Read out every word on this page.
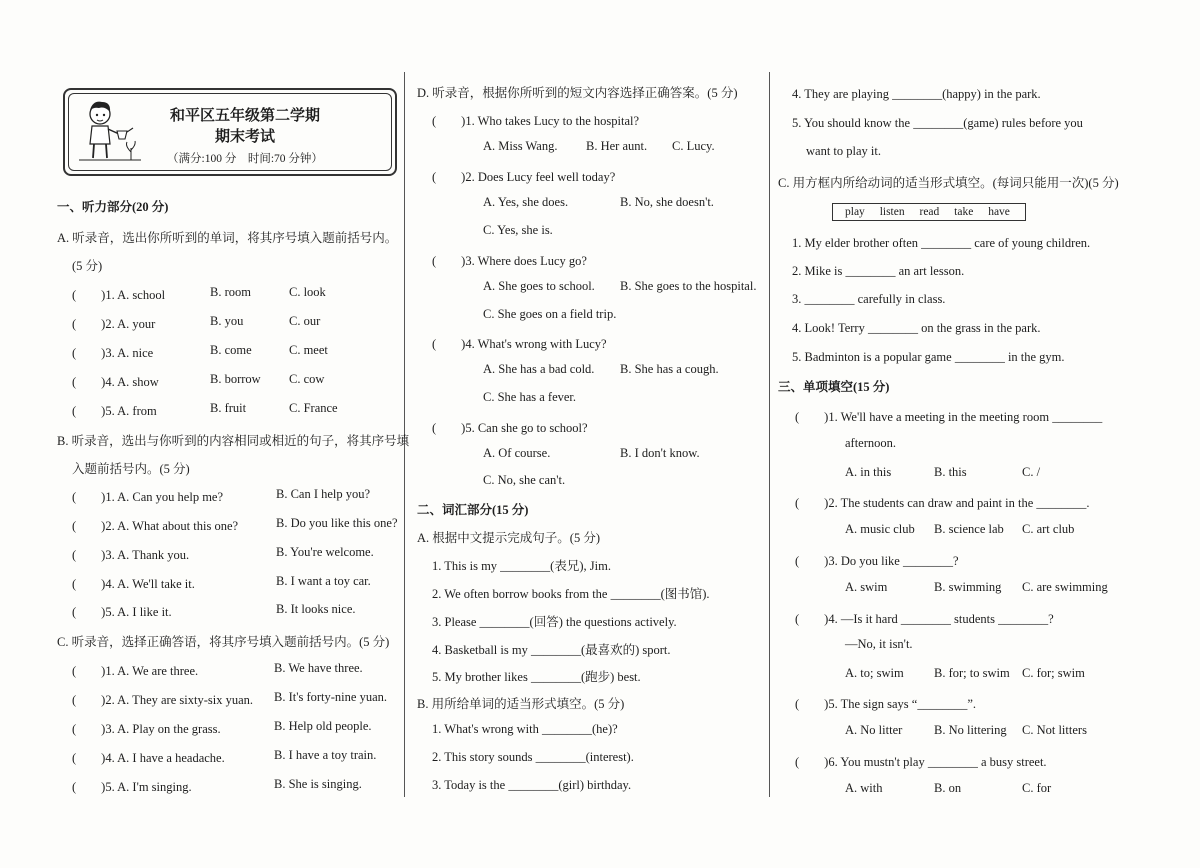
和平区五年级第二学期
期末考试
（满分:100 分　时间:70 分钟）
一、听力部分(20 分)
A. 听录音，选出你所听到的单词，将其序号填入题前括号内。
(5 分)
(　　)1. A. school	B. room	C. look
(　　)2. A. your	B. you	C. our
(　　)3. A. nice	B. come	C. meet
(　　)4. A. show	B. borrow C. cow
(　　)5. A. from	B. fruit	C. France
B. 听录音，选出与你听到的内容相同或相近的句子，将其序号填
入题前括号内。(5 分)
(　　)1. A. Can you help me?	B. Can I help you?
(　　)2. A. What about this one?	B. Do you like this one?
(　　)3. A. Thank you.	B. You're welcome.
(　　)4. A. We'll take it.	B. I want a toy car.
(　　)5. A. I like it.	B. It looks nice.
C. 听录音，选择正确答语，将其序号填入题前括号内。(5 分)
(　　)1. A. We are three.	B. We have three.
(　　)2. A. They are sixty-six yuan. B. It's forty-nine yuan.
(　　)3. A. Play on the grass.	B. Help old people.
(　　)4. A. I have a headache.	B. I have a toy train.
(　　)5. A. I'm singing.	B. She is singing.
D. 听录音，根据你所听到的短文内容选择正确答案。(5 分)
(　　)1. Who takes Lucy to the hospital?
A. Miss Wang. B. Her aunt. C. Lucy.
(　　)2. Does Lucy feel well today?
A. Yes, she does.	B. No, she doesn't.
C. Yes, she is.
(　　)3. Where does Lucy go?
A. She goes to school. B. She goes to the hospital.
C. She goes on a field trip.
(　　)4. What's wrong with Lucy?
A. She has a bad cold. B. She has a cough.
C. She has a fever.
(　　)5. Can she go to school?
A. Of course.	B. I don't know.
C. No, she can't.
二、词汇部分(15 分)
A. 根据中文提示完成句子。(5 分)
1. This is my ________(表兄), Jim.
2. We often borrow books from the ________(图书馆).
3. Please ________(回答) the questions actively.
4. Basketball is my ________(最喜欢的) sport.
5. My brother likes ________(跑步) best.
B. 用所给单词的适当形式填空。(5 分)
1. What's wrong with ________(he)?
2. This story sounds ________(interest).
3. Today is the ________(girl) birthday.
4. They are playing ________(happy) in the park.
5. You should know the ________(game) rules before you
want to play it.
C. 用方框内所给动词的适当形式填空。(每词只能用一次)(5 分)
play listen read take have
1. My elder brother often ________ care of young children.
2. Mike is ________ an art lesson.
3. ________ carefully in class.
4. Look! Terry ________ on the grass in the park.
5. Badminton is a popular game ________ in the gym.
三、单项填空(15 分)
(　　)1. We'll have a meeting in the meeting room ________
afternoon.
A. in this	B. this	C. /
(　　)2. The students can draw and paint in the ________.
A. music club B. science lab C. art club
(　　)3. Do you like ________?
A. swim	B. swimming C. are swimming
(　　)4. —Is it hard ________ students ________?
—No, it isn't.
A. to; swim B. for; to swim C. for; swim
(　　)5. The sign says “________”.
A. No litter	B. No littering C. Not litters
(　　)6. You mustn't play ________ a busy street.
A. with	B. on	C. for
